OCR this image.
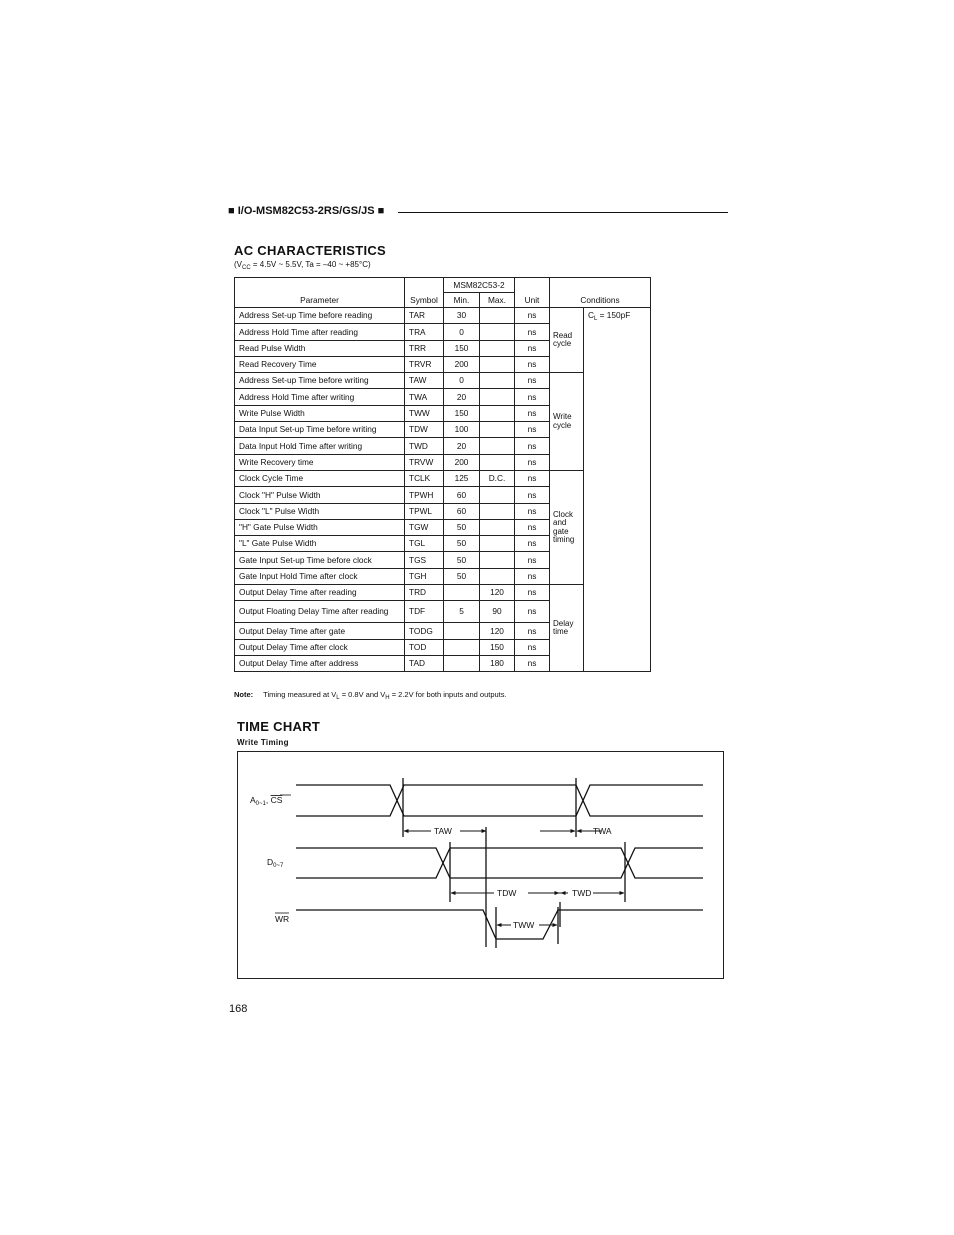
■ I/O-MSM82C53-2RS/GS/JS ■
AC CHARACTERISTICS
($V_{CC} = 4.5V$ ~ 5.5V, Ta = –40 ~ +85°C)
Parameter	Symbol	MSM82C53-2		Unit	Conditions	
		Min.	Max.			
Address Set-up Time before reading	TAR	30		ns	Read cycle	$C_L = 150pF$
Address Hold Time after reading	TRA	0		ns		
Read Pulse Width	TRR	150		ns		
Read Recovery Time	TRVR	200		ns		
Address Set-up Time before writing	TAW	0		ns	Write cycle	
Address Hold Time after writing	TWA	20		ns		
Write Pulse Width	TWW	150		ns		
Data Input Set-up Time before writing	TDW	100		ns		
Data Input Hold Time after writing	TWD	20		ns		
Write Recovery time	TRVW	200		ns		
Clock Cycle Time	TCLK	125	D.C.	ns	Clock and gate timing	
Clock "H" Pulse Width	TPWH	60		ns		
Clock "L" Pulse Width	TPWL	60		ns		
"H" Gate Pulse Width	TGW	50		ns		
"L" Gate Pulse Width	TGL	50		ns		
Gate Input Set-up Time before clock	TGS	50		ns		
Gate Input Hold Time after clock	TGH	50		ns		
Output Delay Time after reading	TRD		120	ns	Delay time	
Output Floating Delay Time after reading	TDF	5	90	ns		
Output Delay Time after gate	TODG		120	ns		
Output Delay Time after clock	TOD		150	ns		
Output Delay Time after address	TAD		180	ns		
Note: Timing measured at $V_L = 0.8V$ and $V_H = 2.2V$ for both inputs and outputs.
TIME CHART
Write Timing
TAW	TWA
TDW	TWD
TWW
$A_{0\sim 1}$, CS
$D_{0\sim 7}$
WR
168
